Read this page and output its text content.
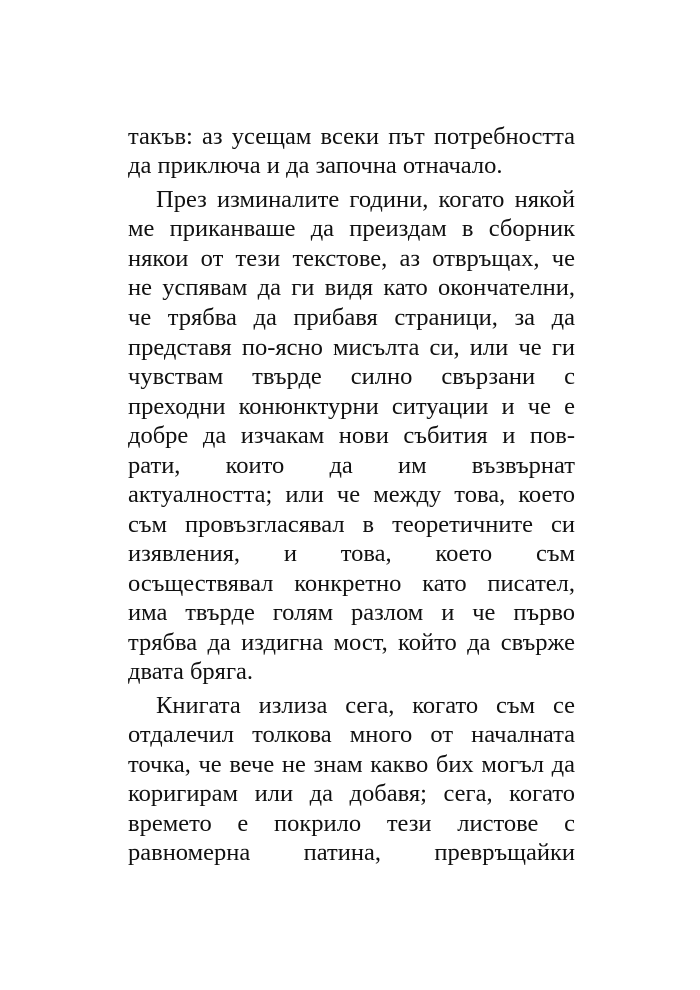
такъв: аз усещам всеки път потребността
да приключа и да започна отначало.
През изминалите години, когато някой
ме приканваше да преиздам в сборник
някои от тези текстове, аз отвръщах, че
не успявам да ги видя като окончателни,
че трябва да прибавя страници, за да
представя по-ясно мисълта си, или че ги
чувствам твърде силно свързани с
преходни конюнктурни ситуации и че е
добре да изчакам нови събития и пов-
рати, които да им възвърнат
актуалността; или че между това, което
съм провъзгласявал в теоретичните си
изявления, и това, което съм
осъществявал конкретно като писател,
има твърде голям разлом и че първо
трябва да издигна мост, който да свърже
двата бряга.
Книгата излиза сега, когато съм се
отдалечил толкова много от началната
точка, че вече не знам какво бих могъл да
коригирам или да добавя; сега, когато
времето е покрило тези листове с
равномерна патина, превръщайки
